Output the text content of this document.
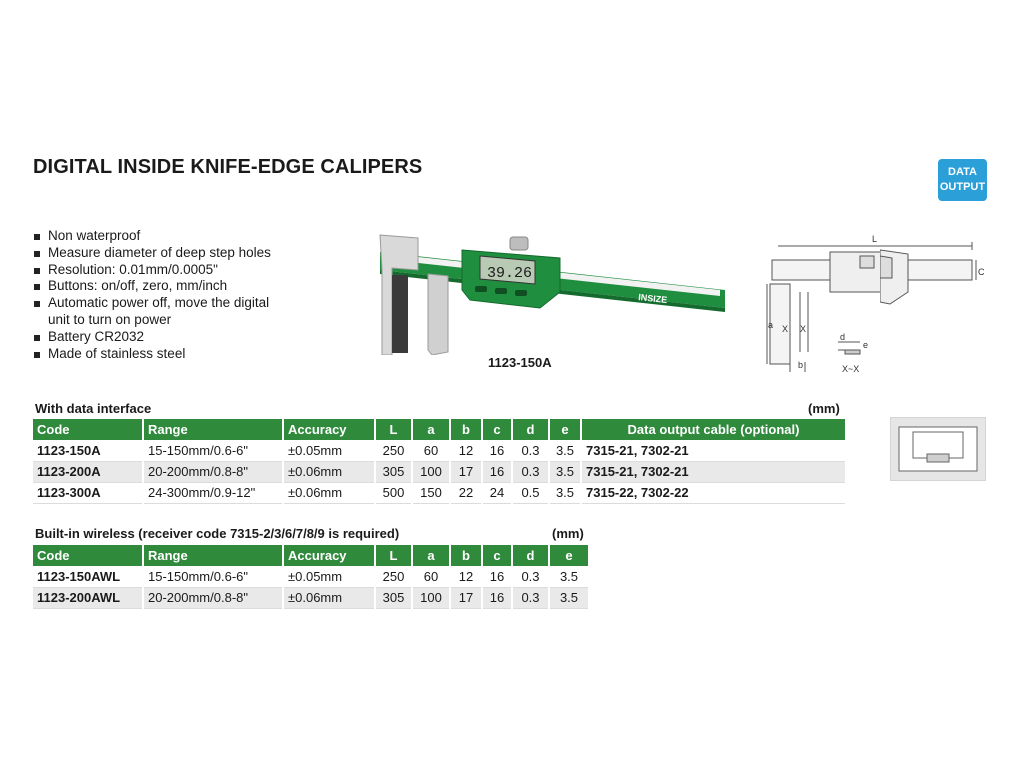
DIGITAL INSIDE KNIFE-EDGE CALIPERS	DATA
OUTPUT
Non waterproof
Measure diameter of deep step holes
Resolution: 0.01mm/0.0005"
Buttons: on/off, zero, mm/inch
Automatic power off, move the digital
unit to turn on power
Battery CR2032
Made of stainless steel
39.26
INSIZE
1123-150A
L
a X X
b
d
e
X~X
C
With data interface	(mm)
Code	Range	Accuracy	L	a	b	c	d	e	Data output cable (optional)
1123-150A	15-150mm/0.6-6"	±0.05mm	250	60	12	16	0.3	3.5	7315-21, 7302-21
1123-200A	20-200mm/0.8-8"	±0.06mm	305	100	17	16	0.3	3.5	7315-21, 7302-21
1123-300A	24-300mm/0.9-12"	±0.06mm	500	150	22	24	0.5	3.5	7315-22, 7302-22
Built-in wireless (receiver code 7315-2/3/6/7/8/9 is required)	(mm)
Code	Range	Accuracy	L	a	b	c	d	e
1123-150AWL	15-150mm/0.6-6"	±0.05mm	250	60	12	16	0.3	3.5
1123-200AWL	20-200mm/0.8-8"	±0.06mm	305	100	17	16	0.3	3.5
